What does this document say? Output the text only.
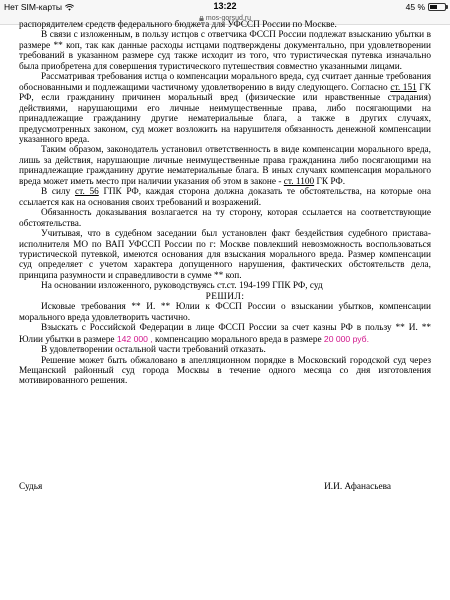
Нет SIM-карты	13:22	45 %
mos-gorsud.ru

распорядителем средств федерального бюджета для УФССП России по Москве.

В связи с изложенным, в пользу истцов с ответчика ФССП России подлежат взысканию убытки в размере ** коп, так как данные расходы истцами подтверждены документально, при удовлетворении требований в указанном размере суд также исходит из того, что туристическая путевка изначально была приобретена для совершения туристического путешествия совместно указанными лицами.

Рассматривая требования истца о компенсации морального вреда, суд считает данные требования обоснованными и подлежащими частичному удовлетворению в виду следующего. Согласно ст. 151 ГК РФ, если гражданину причинен моральный вред (физические или нравственные страдания) действиями, нарушающими его личные неимущественные права, либо посягающими на принадлежащие гражданину другие нематериальные блага, а также в других случаях, предусмотренных законом, суд может возложить на нарушителя обязанность денежной компенсации указанного вреда.

Таким образом, законодатель установил ответственность в виде компенсации морального вреда, лишь за действия, нарушающие личные неимущественные права гражданина либо посягающими на принадлежащие гражданину другие нематериальные блага. В иных случаях компенсация морального вреда может иметь место при наличии указания об этом в законе - ст. 1100 ГК РФ.

В силу ст. 56 ГПК РФ, каждая сторона должна доказать те обстоятельства, на которые она ссылается как на основания своих требований и возражений.

Обязанность доказывания возлагается на ту сторону, которая ссылается на соответствующие обстоятельства.

Учитывая, что в судебном заседании был установлен факт бездействия судебного пристава-исполнителя МО по ВАП УФССП России по г: Москве повлекший невозможность воспользоваться туристической путевкой, имеются основания для взыскания морального вреда. Размер компенсации суд определяет с учетом характера допущенного нарушения, фактических обстоятельств дела, принципа разумности и справедливости в сумме ** коп.

На основании изложенного, руководствуясь ст.ст. 194-199 ГПК РФ, суд

РЕШИЛ:

Исковые требования ** И. ** Юлии к ФССП России о взыскании убытков, компенсации морального вреда удовлетворить частично.

Взыскать с Российской Федерации в лице ФССП России за счет казны РФ в пользу ** И. ** Юлии убытки в размере 142 000 , компенсацию морального вреда в размере 20 000 руб.

В удовлетворении остальной части требований отказать.

Решение может быть обжаловано в апелляционном порядке в Московский городской суд через Мещанский районный суд города Москвы в течение одного месяца со дня изготовления мотивированного решения.

Судья	И.И. Афанасьева
